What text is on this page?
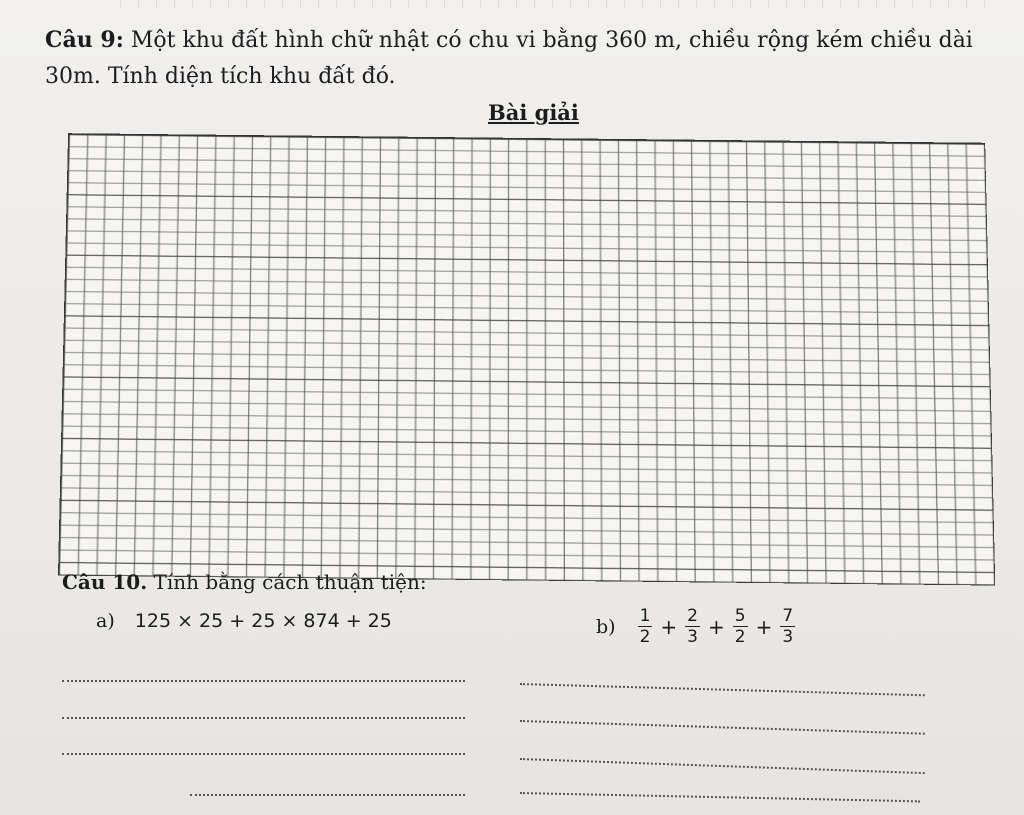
Câu 9: Một khu đất hình chữ nhật có chu vi bằng 360 m, chiều rộng kém chiều dài 30m. Tính diện tích khu đất đó.
Bài giải
Câu 10. Tính bằng cách thuận tiện:
a) 125 × 25 + 25 × 874 + 25	$b) \frac{1}{2} + \frac{2}{3} + \frac{5}{2} + \frac{7}{3}$
